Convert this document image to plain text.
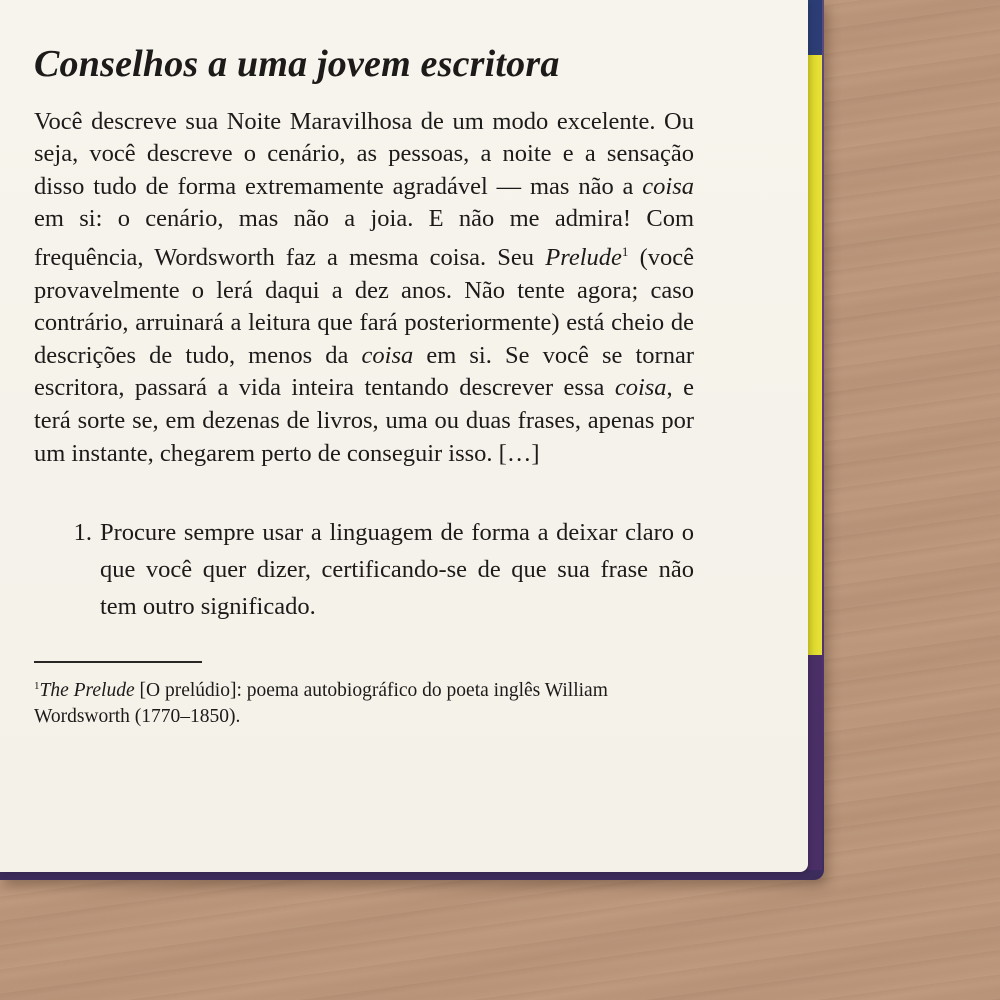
Conselhos a uma jovem escritora

Você descreve sua Noite Maravilhosa de um modo excelente. Ou seja, você descreve o cenário, as pessoas, a noite e a sensação disso tudo de forma extremamente agradável — mas não a coisa em si: o cenário, mas não a joia. E não me admira! Com frequência, Wordsworth faz a mesma coisa. Seu Prelude$^1$ (você provavelmente o lerá daqui a dez anos. Não tente agora; caso contrário, arruinará a leitura que fará posteriormente) está cheio de descrições de tudo, menos da coisa em si. Se você se tornar escritora, passará a vida inteira tentando descrever essa coisa, e terá sorte se, em dezenas de livros, uma ou duas frases, apenas por um instante, chegarem perto de conseguir isso. […]

1. Procure sempre usar a linguagem de forma a deixar claro o que você quer dizer, certificando-se de que sua frase não tem outro significado.

$^1$The Prelude [O prelúdio]: poema autobiográfico do poeta inglês William Wordsworth (1770–1850).
